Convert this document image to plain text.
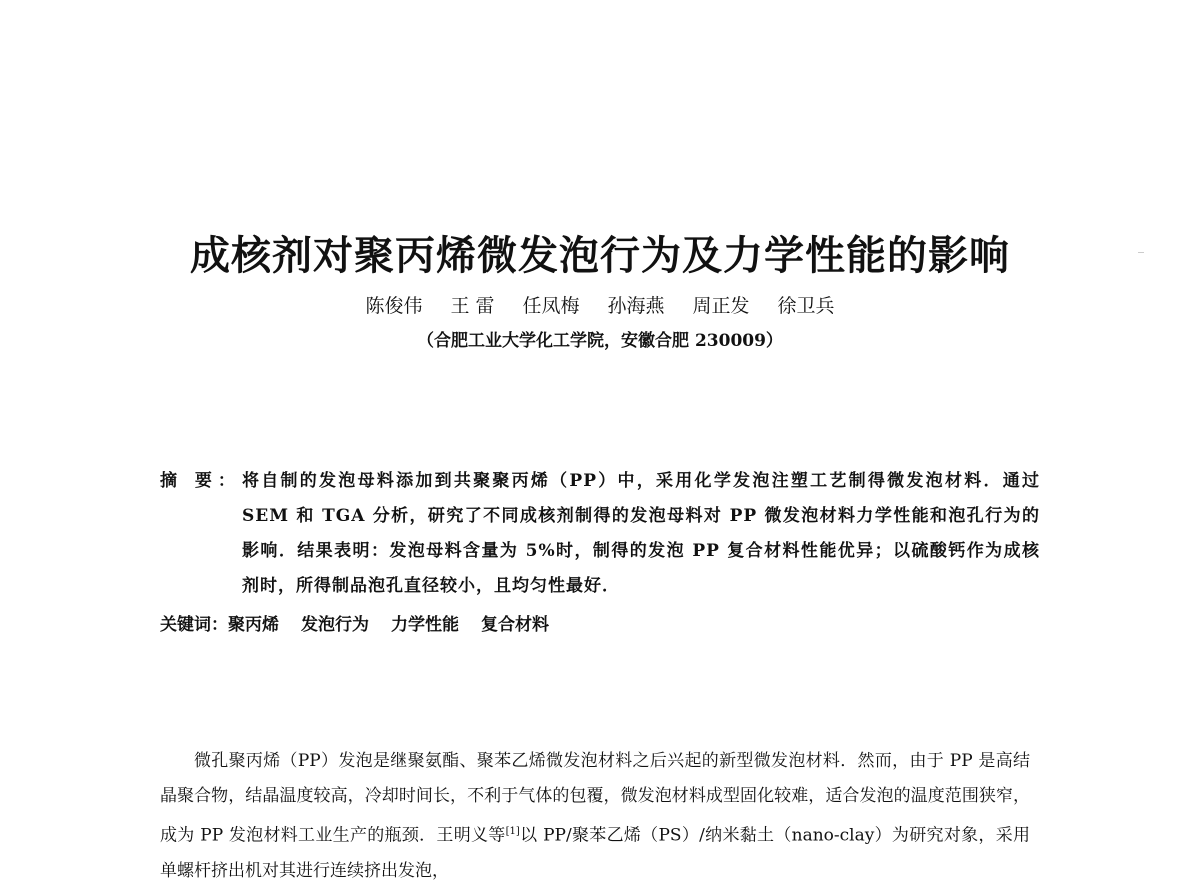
成核剂对聚丙烯微发泡行为及力学性能的影响
陈俊伟 王 雷 任凤梅 孙海燕 周正发 徐卫兵
（合肥工业大学化工学院，安徽合肥 230009）
摘 要： 将自制的发泡母料添加到共聚聚丙烯（PP）中，采用化学发泡注塑工艺制得微发泡材料．通过 SEM 和 TGA 分析，研究了不同成核剂制得的发泡母料对 PP 微发泡材料力学性能和泡孔行为的影响．结果表明：发泡母料含量为 5%时，制得的发泡 PP 复合材料性能优异；以硫酸钙作为成核剂时，所得制品泡孔直径较小，且均匀性最好．

关键词： 聚丙烯 发泡行为 力学性能 复合材料

微孔聚丙烯（PP）发泡是继聚氨酯、聚苯乙烯微发泡材料之后兴起的新型微发泡材料．然而，由于 PP 是高结晶聚合物，结晶温度较高，冷却时间长，不利于气体的包覆，微发泡材料成型固化较难，适合发泡的温度范围狭窄，成为 PP 发泡材料工业生产的瓶颈．王明义等[1]以 PP/聚苯乙烯（PS）/纳米黏土（nano-clay）为研究对象，采用单螺杆挤出机对其进行连续挤出发泡，
